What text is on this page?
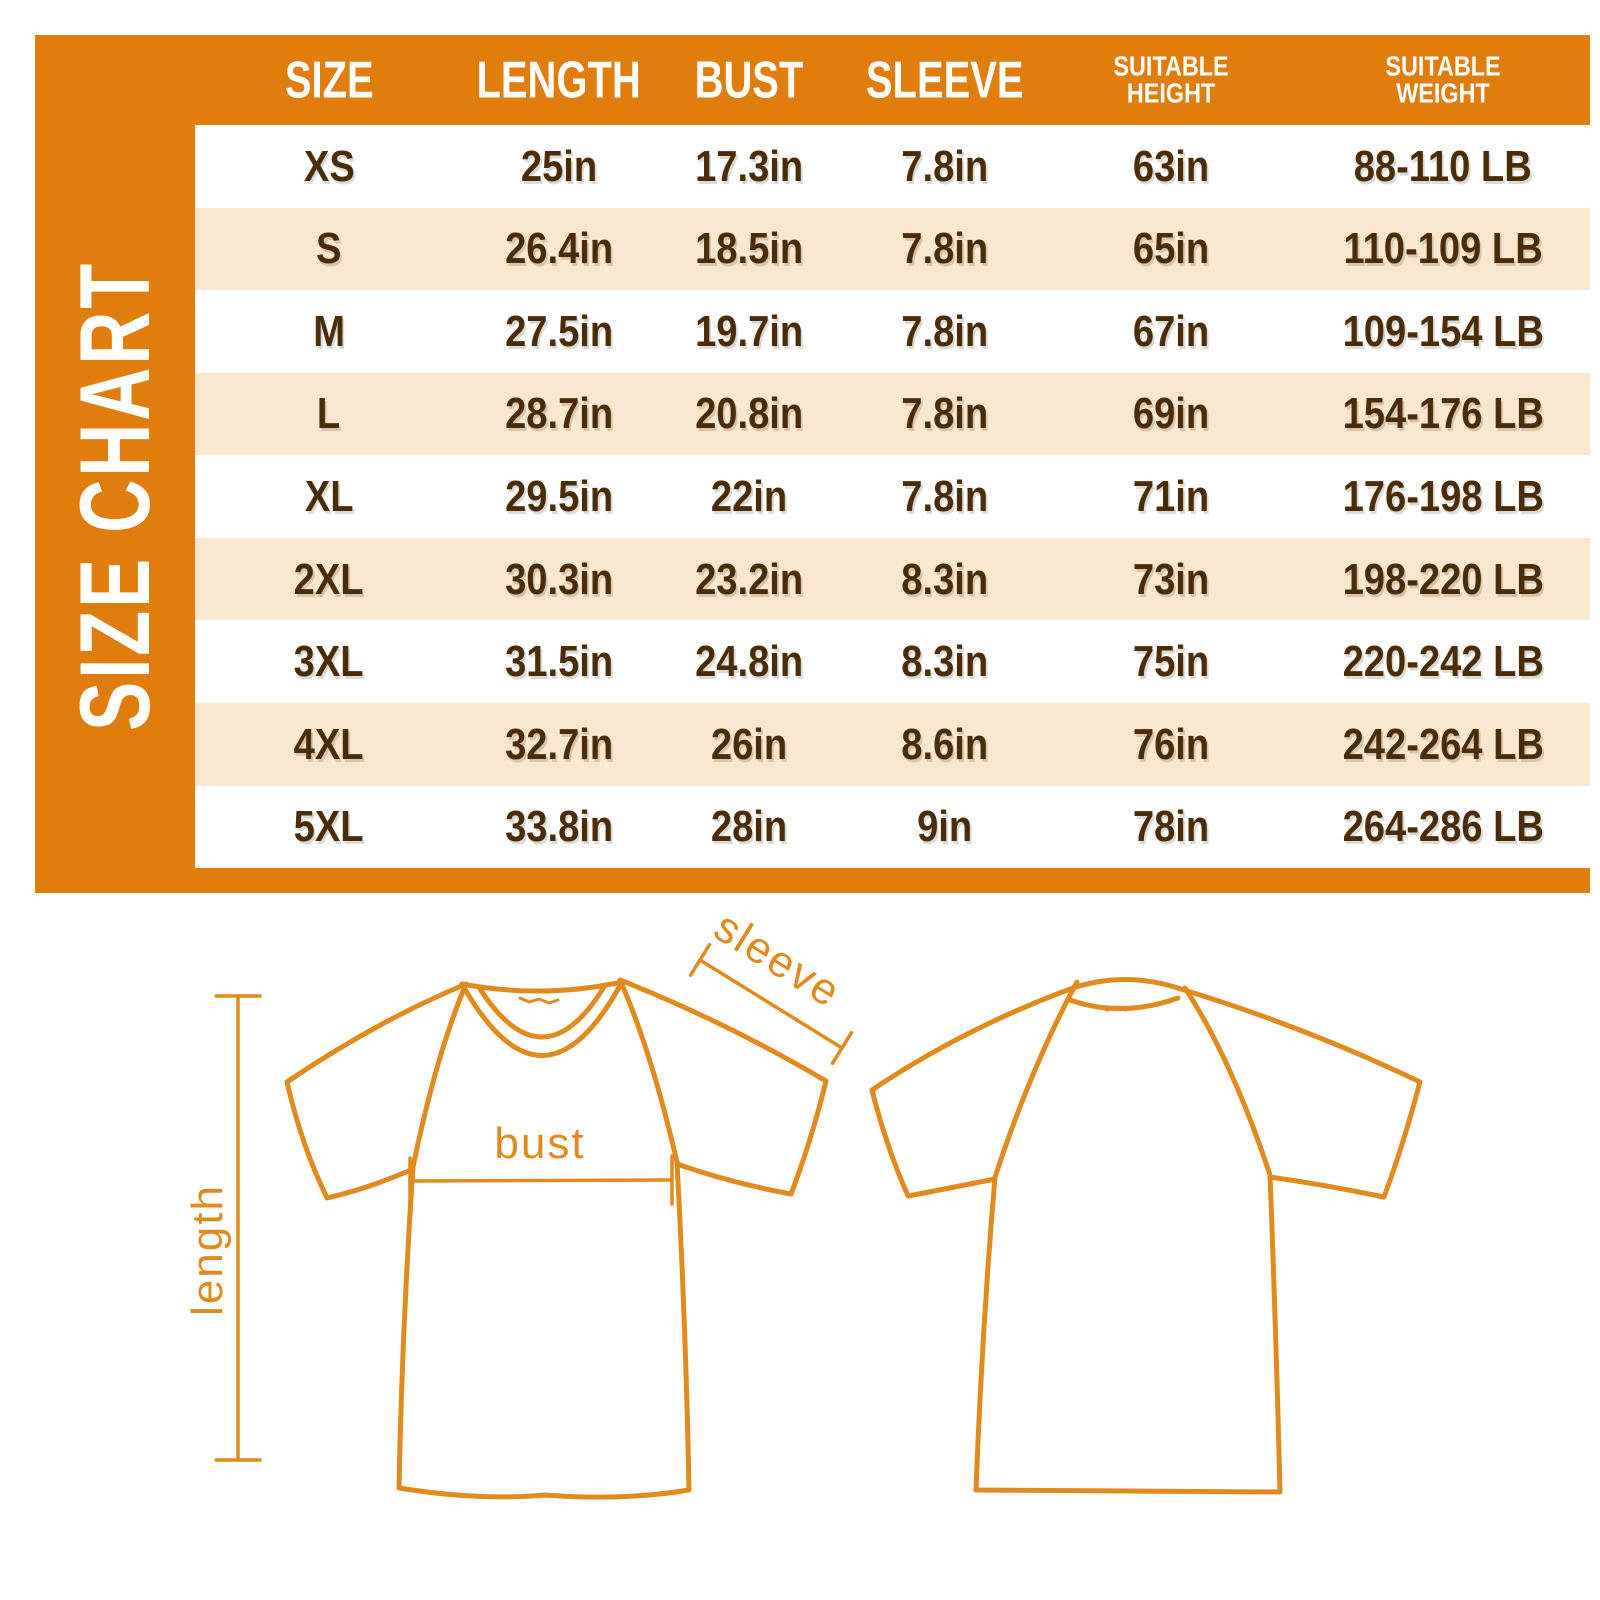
SIZE CHART
SIZE LENGTH BUST SLEEVE	SUITABLE
HEIGHT
SUITABLE
WEIGHT
XS	25in 17.3in 7.8in	63in	88-110 LB
S	26.4in 18.5in 7.8in	65in	110-109 LB
M	27.5in 19.7in 7.8in	67in	109-154 LB
L	28.7in 20.8in 7.8in	69in	154-176 LB
XL	29.5in 22in	7.8in	71in	176-198 LB
2XL	30.3in 23.2in 8.3in	73in	198-220 LB
3XL	31.5in 24.8in 8.3in	75in	220-242 LB
4XL	32.7in 26in	8.6in	76in	242-264 LB
5XL	33.8in 28in	9in	78in	264-286 LB
length
bust
sleeve
